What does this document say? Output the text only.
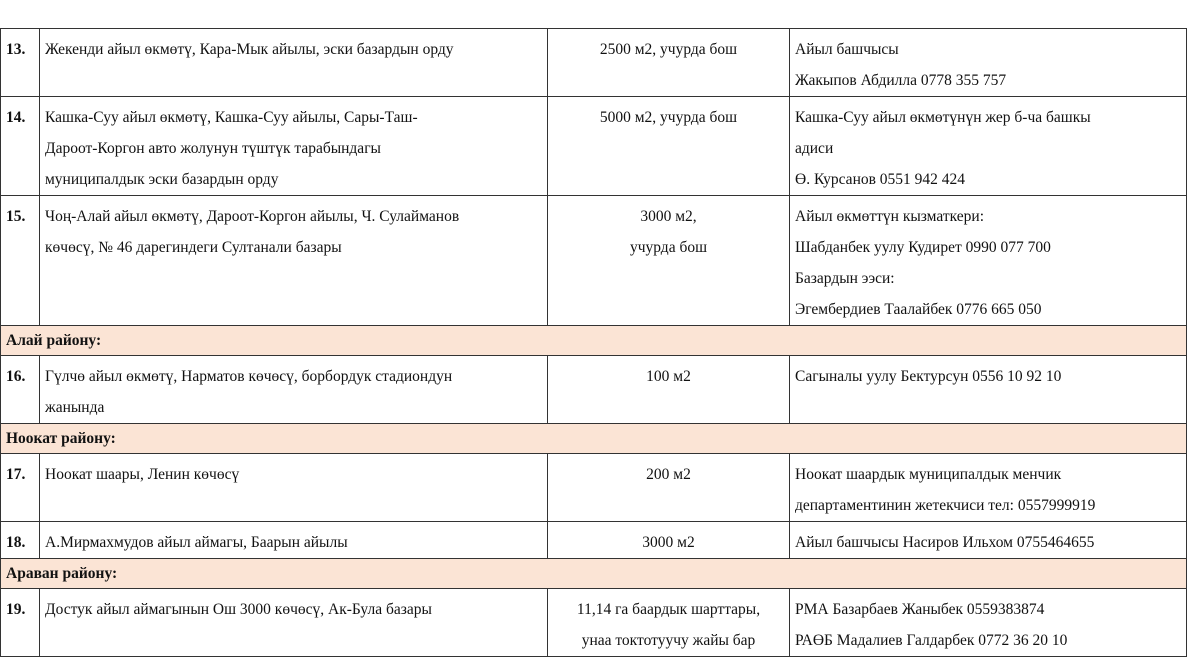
13.	Жекенди айыл өкмөтү, Кара-Мык айылы, эски базардын орду	2500 м2, учурда бош	Айыл башчысы
Жакыпов Абдилла 0778 355 757

14.	Кашка-Суу айыл өкмөтү, Кашка-Суу айылы, Сары-Таш-
Дароот-Коргон авто жолунун түштүк тарабындагы
муниципалдык эски базардын орду	5000 м2, учурда бош	Кашка-Суу айыл өкмөтүнүн жер б-ча башкы
адиси
Ө. Курсанов 0551 942 424

15.	Чоң-Алай айыл өкмөтү, Дароот-Коргон айылы, Ч. Сулайманов
көчөсү, № 46 дарегиндеги Султанали базары	3000 м2,
учурда бош	Айыл өкмөттүн кызматкери:
Шабданбек уулу Кудирет 0990 077 700
Базардын ээси:
Эгембердиев Таалайбек 0776 665 050

Алай району:			
16.	Гүлчө айыл өкмөтү, Нарматов көчөсү, борбордук стадиондун
жанында	100 м2	Сагыналы уулу Бектурсун 0556 10 92 10

Ноокат району:			
17.	Ноокат шаары, Ленин көчөсү	200 м2	Ноокат шаардык муниципалдык менчик
департаментинин жетекчиси тел: 0557999919

18.	А.Мирмахмудов айыл аймагы, Баарын айылы	3000 м2	Айыл башчысы Насиров Ильхом 0755464655

Араван району:			
19.	Достук айыл аймагынын Ош 3000 көчөсү, Ак-Була базары	11,14 га баардык шарттары,
унаа токтотуучу жайы бар	РМА Базарбаев Жаныбек 0559383874
РАӨБ Мадалиев Галдарбек 0772 36 20 10
